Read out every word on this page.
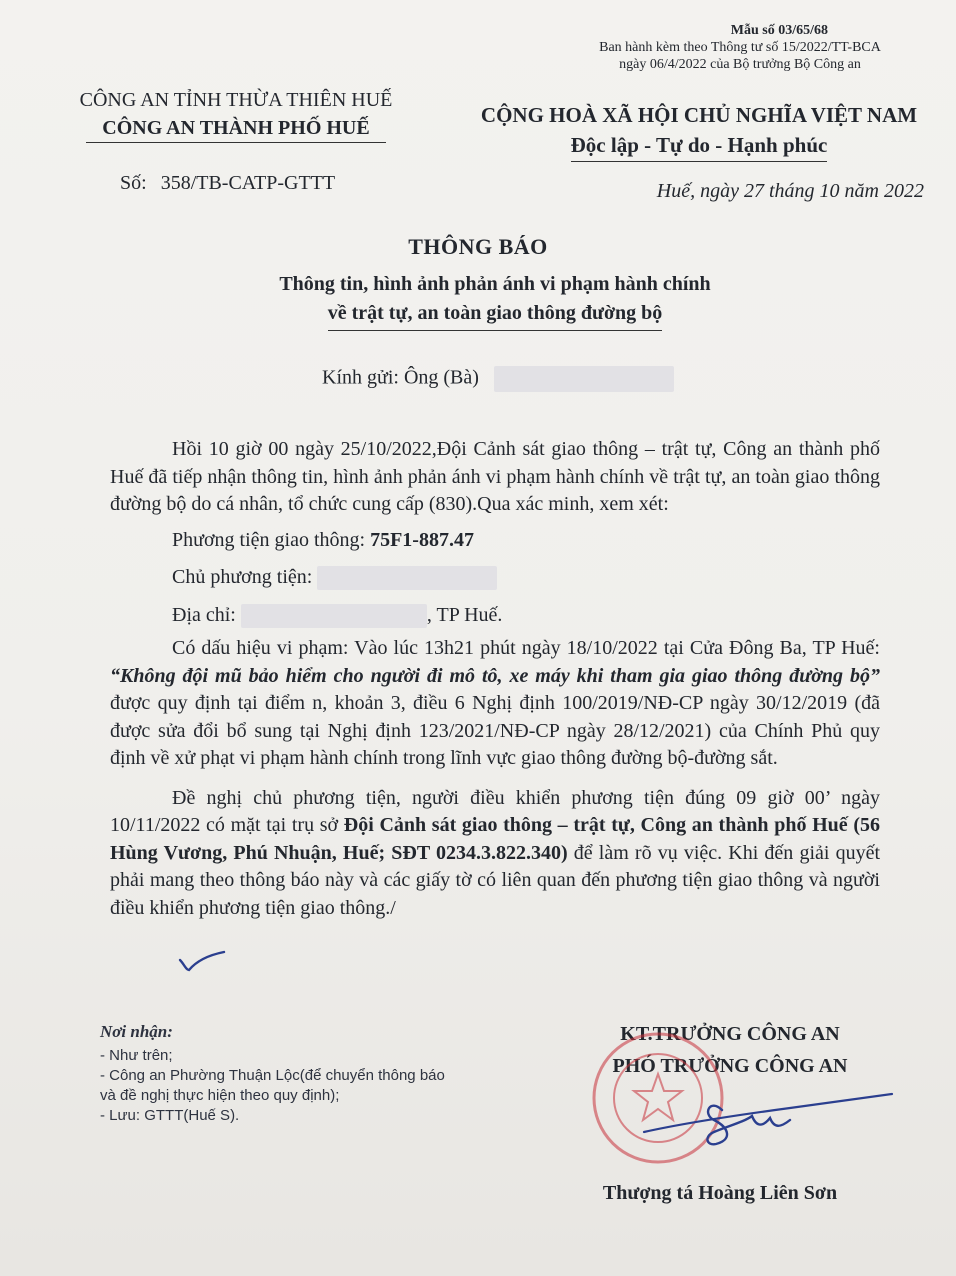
Mẫu số 03/65/68
Ban hành kèm theo Thông tư số 15/2022/TT-BCA
ngày 06/4/2022 của Bộ trưởng Bộ Công an
CÔNG AN TỈNH THỪA THIÊN HUẾ
CÔNG AN THÀNH PHỐ HUẾ
CỘNG HOÀ XÃ HỘI CHỦ NGHĨA VIỆT NAM
Độc lập - Tự do - Hạnh phúc
Số: 358/TB-CATP-GTTT	Huế, ngày 27 tháng 10 năm 2022
THÔNG BÁO
Thông tin, hình ảnh phản ánh vi phạm hành chính
về trật tự, an toàn giao thông đường bộ
Kính gửi: Ông (Bà)

Hồi 10 giờ 00 ngày 25/10/2022,Đội Cảnh sát giao thông – trật tự, Công an thành phố Huế đã tiếp nhận thông tin, hình ảnh phản ánh vi phạm hành chính về trật tự, an toàn giao thông đường bộ do cá nhân, tổ chức cung cấp (830).Qua xác minh, xem xét:

Phương tiện giao thông: 75F1-887.47

Chủ phương tiện:

Địa chỉ:	, TP Huế.

Có dấu hiệu vi phạm: Vào lúc 13h21 phút ngày 18/10/2022 tại Cửa Đông Ba, TP Huế: “Không đội mũ bảo hiểm cho người đi mô tô, xe máy khi tham gia giao thông đường bộ” được quy định tại điểm n, khoản 3, điều 6 Nghị định 100/2019/NĐ-CP ngày 30/12/2019 (đã được sửa đổi bổ sung tại Nghị định 123/2021/NĐ-CP ngày 28/12/2021) của Chính Phủ quy định về xử phạt vi phạm hành chính trong lĩnh vực giao thông đường bộ-đường sắt.

Đề nghị chủ phương tiện, người điều khiển phương tiện đúng 09 giờ 00’ ngày 10/11/2022 có mặt tại trụ sở Đội Cảnh sát giao thông – trật tự, Công an thành phố Huế (56 Hùng Vương, Phú Nhuận, Huế; SĐT 0234.3.822.340) để làm rõ vụ việc. Khi đến giải quyết phải mang theo thông báo này và các giấy tờ có liên quan đến phương tiện giao thông và người điều khiển phương tiện giao thông./

Nơi nhận:
- Như trên;
- Công an Phường Thuận Lộc(để chuyển thông báo
và đề nghị thực hiện theo quy định);
- Lưu: GTTT(Huế S).
KT.TRƯỞNG CÔNG AN
PHÓ TRƯỞNG CÔNG AN
Thượng tá Hoàng Liên Sơn
